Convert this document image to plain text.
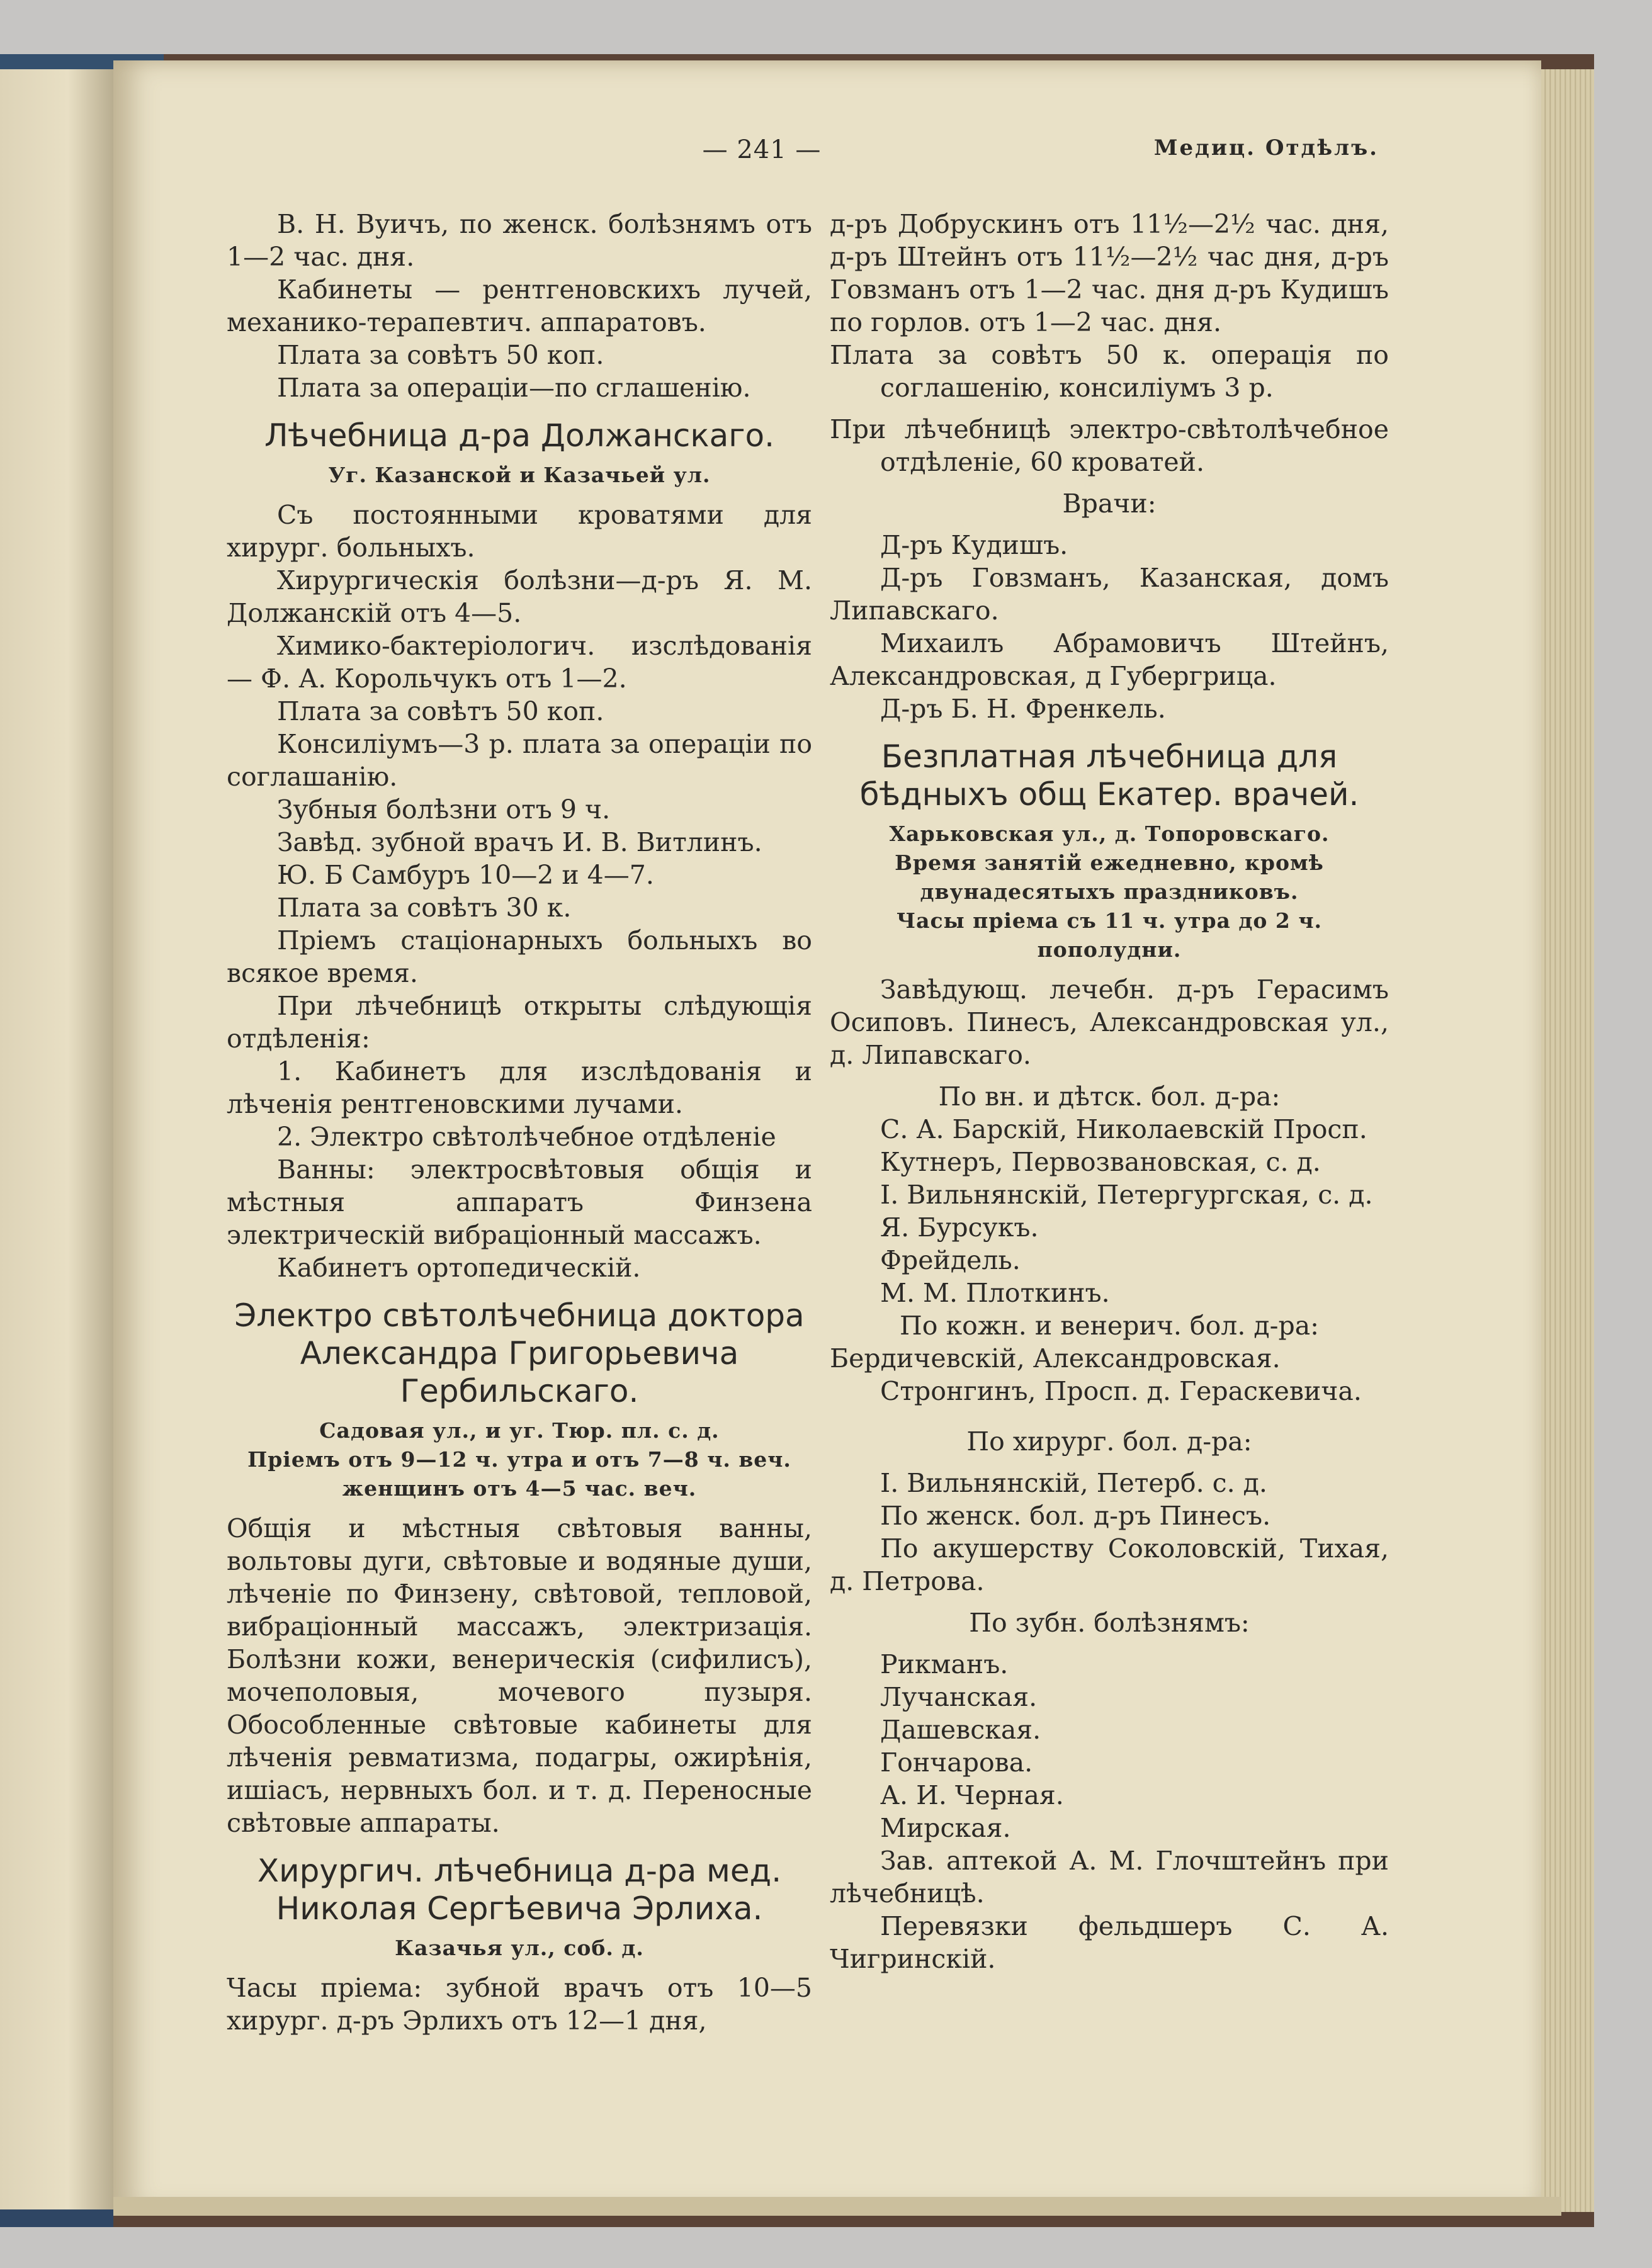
— 241 —	Медиц. Отдѣлъ.

В. Н. Вуичъ, по женск. болѣзнямъ отъ 1—2 час. дня.

Кабинеты — рентгеновскихъ лучей, механико-терапевтич. аппаратовъ.

Плата за совѣтъ 50 коп.

Плата за операціи—по сглашенію.

Лѣчебница д-ра Должанскаго.

Уг. Казанской и Казачьей ул.

Съ постоянными кроватями для хирург. больныхъ.

Хирургическія болѣзни—д-ръ Я. М. Должанскій отъ 4—5.

Химико-бактеріологич. изслѣдованія — Ф. А. Корольчукъ отъ 1—2.

Плата за совѣтъ 50 коп.

Консиліумъ—3 р. плата за операціи по соглашанію.

Зубныя болѣзни отъ 9 ч.

Завѣд. зубной врачъ И. В. Витлинъ.

Ю. Б Самбуръ 10—2 и 4—7.

Плата за совѣтъ 30 к.

Пріемъ стаціонарныхъ больныхъ во всякое время.

При лѣчебницѣ открыты слѣдующія отдѣленія:

1. Кабинетъ для изслѣдованія и лѣченія рентгеновскими лучами.

2. Электро свѣтолѣчебное отдѣленіе

Ванны: электросвѣтовыя общія и мѣстныя аппаратъ Финзена электрическій вибраціонный массажъ.

Кабинетъ ортопедическій.

Электро свѣтолѣчебница доктора Александра Григорьевича Гербильскаго.

Садовая ул., и уг. Тюр. пл. с. д.

Пріемъ отъ 9—12 ч. утра и отъ 7—8 ч. веч. женщинъ отъ 4—5 час. веч.

Общія и мѣстныя свѣтовыя ванны, вольтовы дуги, свѣтовые и водяные души, лѣченіе по Финзену, свѣтовой, тепловой, вибраціонный массажъ, электризація. Болѣзни кожи, венерическія (сифилисъ), мочеполовыя, мочевого пузыря. Обособленные свѣтовые кабинеты для лѣченія ревматизма, подагры, ожирѣнія, ишіасъ, нервныхъ бол. и т. д. Переносные свѣтовые аппараты.

Хирургич. лѣчебница д-ра мед. Николая Сергѣевича Эрлиха.

Казачья ул., соб. д.

Часы пріема: зубной врачъ отъ 10—5 хирург. д-ръ Эрлихъ отъ 12—1 дня,

д-ръ Добрускинъ отъ 11½—2½ час. дня, д-ръ Штейнъ отъ 11½—2½ час дня, д-ръ Говзманъ отъ 1—2 час. дня д-ръ Кудишъ по горлов. отъ 1—2 час. дня.

Плата за совѣтъ 50 к. операція по соглашенію, консиліумъ 3 р.

При лѣчебницѣ электро-свѣтолѣчебное отдѣленіе, 60 кроватей.

Врачи:

Д-ръ Кудишъ.

Д-ръ Говзманъ, Казанская, домъ Липавскаго.

Михаилъ Абрамовичъ Штейнъ, Александровская, д Губергрица.

Д-ръ Б. Н. Френкель.

Безплатная лѣчебница для бѣдныхъ общ Екатер. врачей.

Харьковская ул., д. Топоровскаго.

Время занятій ежедневно, кромѣ двунадесятыхъ праздниковъ.

Часы пріема съ 11 ч. утра до 2 ч. пополудни.

Завѣдующ. лечебн. д-ръ Герасимъ Осиповъ. Пинесъ, Александровская ул., д. Липавскаго.

По вн. и дѣтск. бол. д-ра:

С. А. Барскій, Николаевскій Просп.

Кутнеръ, Первозвановская, с. д.

І. Вильнянскій, Петергургская, с. д.

Я. Бурсукъ.

Фрейдель.

М. М. Плоткинъ.

По кожн. и венерич. бол. д-ра:

Бердичевскій, Александровская.

Стронгинъ, Просп. д. Гераскевича.

По хирург. бол. д-ра:

І. Вильнянскій, Петерб. с. д.

По женск. бол. д-ръ Пинесъ.

По акушерству Соколовскій, Тихая, д. Петрова.

По зубн. болѣзнямъ:

Рикманъ.

Лучанская.

Дашевская.

Гончарова.

А. И. Черная.

Мирская.

Зав. аптекой А. М. Глочштейнъ при лѣчебницѣ.

Перевязки фельдшеръ С. А. Чигринскій.
